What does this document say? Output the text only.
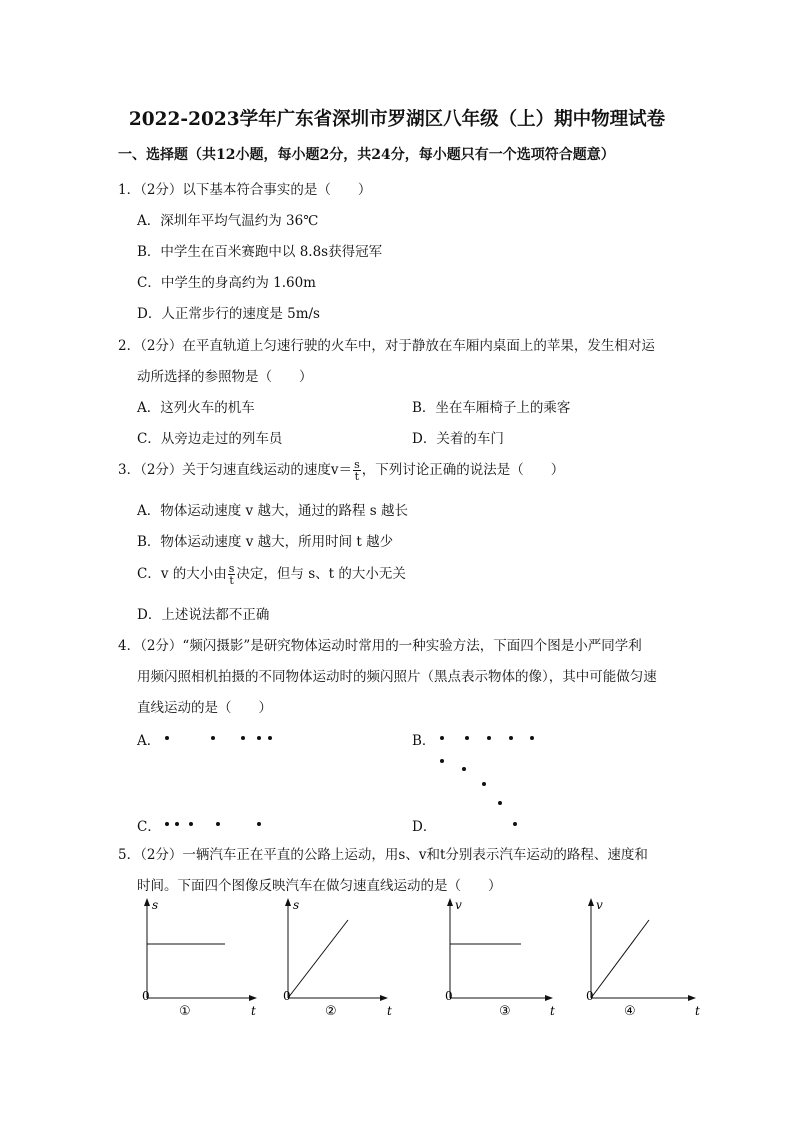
2022-2023学年广东省深圳市罗湖区八年级（上）期中物理试卷
一、选择题（共12小题，每小题2分，共24分，每小题只有一个选项符合题意）
1．（2分）以下基本符合事实的是（　　）
A．深圳年平均气温约为 36℃
B．中学生在百米赛跑中以 8.8s获得冠军
C．中学生的身高约为 1.60m
D．人正常步行的速度是 5m/s
2．（2分）在平直轨道上匀速行驶的火车中，对于静放在车厢内桌面上的苹果，发生相对运
动所选择的参照物是（　　）
A．这列火车的机车	B．坐在车厢椅子上的乘客
C．从旁边走过的列车员	D．关着的车门
3．（2分）关于匀速直线运动的速度$v= \frac{s}{t}$ ，下列讨论正确的说法是（　　）
A．物体运动速度 v 越大，通过的路程 s 越长
B．物体运动速度 v 越大，所用时间 t 越少
C．v 的大小由 $\frac{s}{t}$ 决定，但与 s、t 的大小无关
D．上述说法都不正确
4．（2分）“频闪摄影”是研究物体运动时常用的一种实验方法，下面四个图是小严同学利
用频闪照相机拍摄的不同物体运动时的频闪照片（黑点表示物体的像），其中可能做匀速
直线运动的是（　　）
A．	B．
C．	D．
5．（2分）一辆汽车正在平直的公路上运动，用s、v和t分别表示汽车运动的路程、速度和
时间。下面四个图像反映汽车在做匀速直线运动的是（　　）
s
t
0
①
s
t
0
②
v
t
0
③
v
t
0
④
